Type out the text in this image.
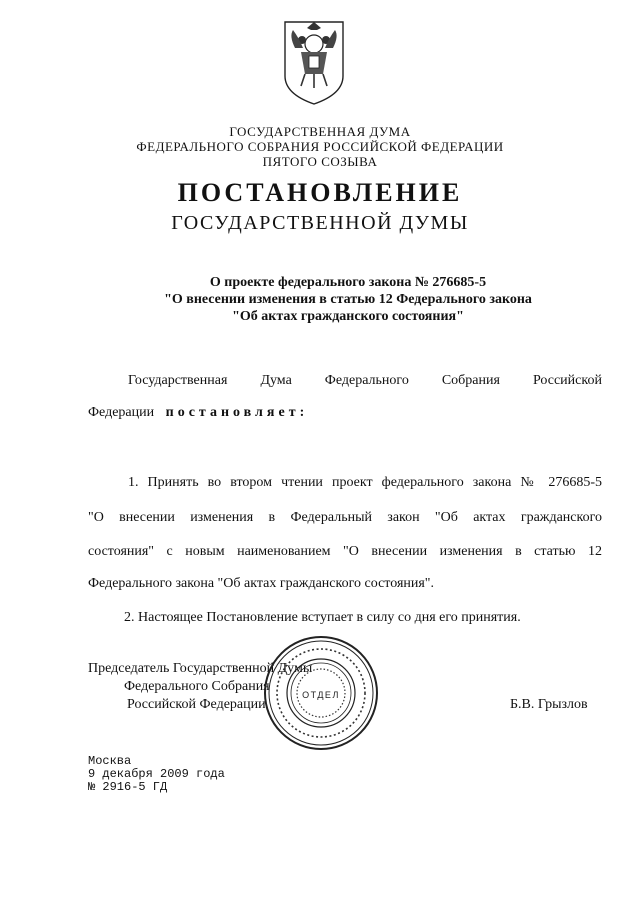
ГОСУДАРСТВЕННАЯ ДУМА
ФЕДЕРАЛЬНОГО СОБРАНИЯ РОССИЙСКОЙ ФЕДЕРАЦИИ
ПЯТОГО СОЗЫВА
ПОСТАНОВЛЕНИЕ
ГОСУДАРСТВЕННОЙ ДУМЫ
О проекте федерального закона № 276685-5
"О внесении изменения в статью 12 Федерального закона
"Об актах гражданского состояния"
Государственная Дума Федерального Собрания Российской
Федерации постановляет:
1. Принять во втором чтении проект федерального закона № 276685-5
"О внесении изменения в Федеральный закон "Об актах гражданского
состояния" с новым наименованием "О внесении изменения в статью 12
Федерального закона "Об актах гражданского состояния".
2. Настоящее Постановление вступает в силу со дня его принятия.
Председатель Государственной Думы
Федерального Собрания
Российской Федерации	Б.В. Грызлов
ОТДЕЛ
Москва
9 декабря 2009 года
№ 2916-5 ГД
